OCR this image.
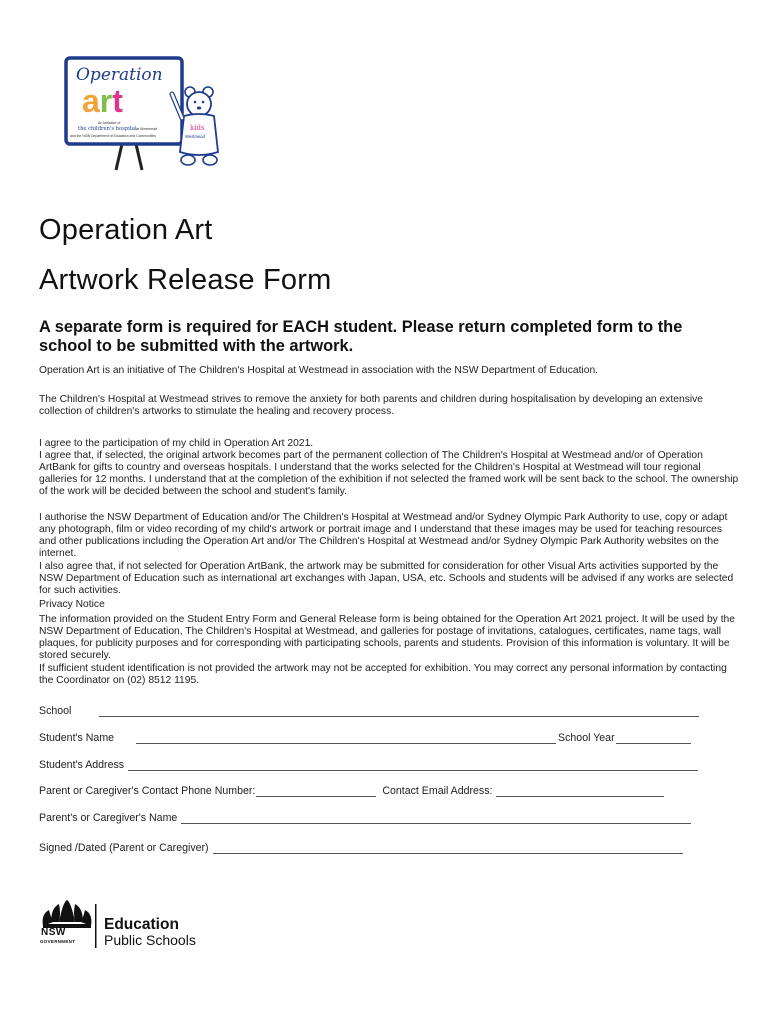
Operation
art
An initiative of
the children's hospital at Westmead
and the NSW Department of Education and Communities
kids
Westmead
Operation Art
Artwork Release Form

A separate form is required for EACH student. Please return completed form to the school to be submitted with the artwork.

Operation Art is an initiative of The Children's Hospital at Westmead in association with the NSW Department of Education.

The Children's Hospital at Westmead strives to remove the anxiety for both parents and children during hospitalisation by developing an extensive collection of children's artworks to stimulate the healing and recovery process.

I agree to the participation of my child in Operation Art 2021.

I agree that, if selected, the original artwork becomes part of the permanent collection of The Children's Hospital at Westmead and/or of Operation ArtBank for gifts to country and overseas hospitals. I understand that the works selected for the Children's Hospital at Westmead will tour regional galleries for 12 months. I understand that at the completion of the exhibition if not selected the framed work will be sent back to the school. The ownership of the work will be decided between the school and student's family.

I authorise the NSW Department of Education and/or The Children's Hospital at Westmead and/or Sydney Olympic Park Authority to use, copy or adapt any photograph, film or video recording of my child's artwork or portrait image and I understand that these images may be used for teaching resources and other publications including the Operation Art and/or The Children's Hospital at Westmead and/or Sydney Olympic Park Authority websites on the internet.

I also agree that, if not selected for Operation ArtBank, the artwork may be submitted for consideration for other Visual Arts activities supported by the NSW Department of Education such as international art exchanges with Japan, USA, etc. Schools and students will be advised if any works are selected for such activities.

Privacy Notice

The information provided on the Student Entry Form and General Release form is being obtained for the Operation Art 2021 project. It will be used by the NSW Department of Education, The Children's Hospital at Westmead, and galleries for postage of invitations, catalogues, certificates, name tags, wall plaques, for publicity purposes and for corresponding with participating schools, parents and students. Provision of this information is voluntary. It will be stored securely.

If sufficient student identification is not provided the artwork may not be accepted for exhibition. You may correct any personal information by contacting the Coordinator on (02) 8512 1195.

School
Student's Name	School Year
Student's Address
Parent or Caregiver's Contact Phone Number:	Contact Email Address:
Parent's or Caregiver's Name
Signed /Dated (Parent or Caregiver)
NSW
GOVERNMENT
Education
Public Schools
